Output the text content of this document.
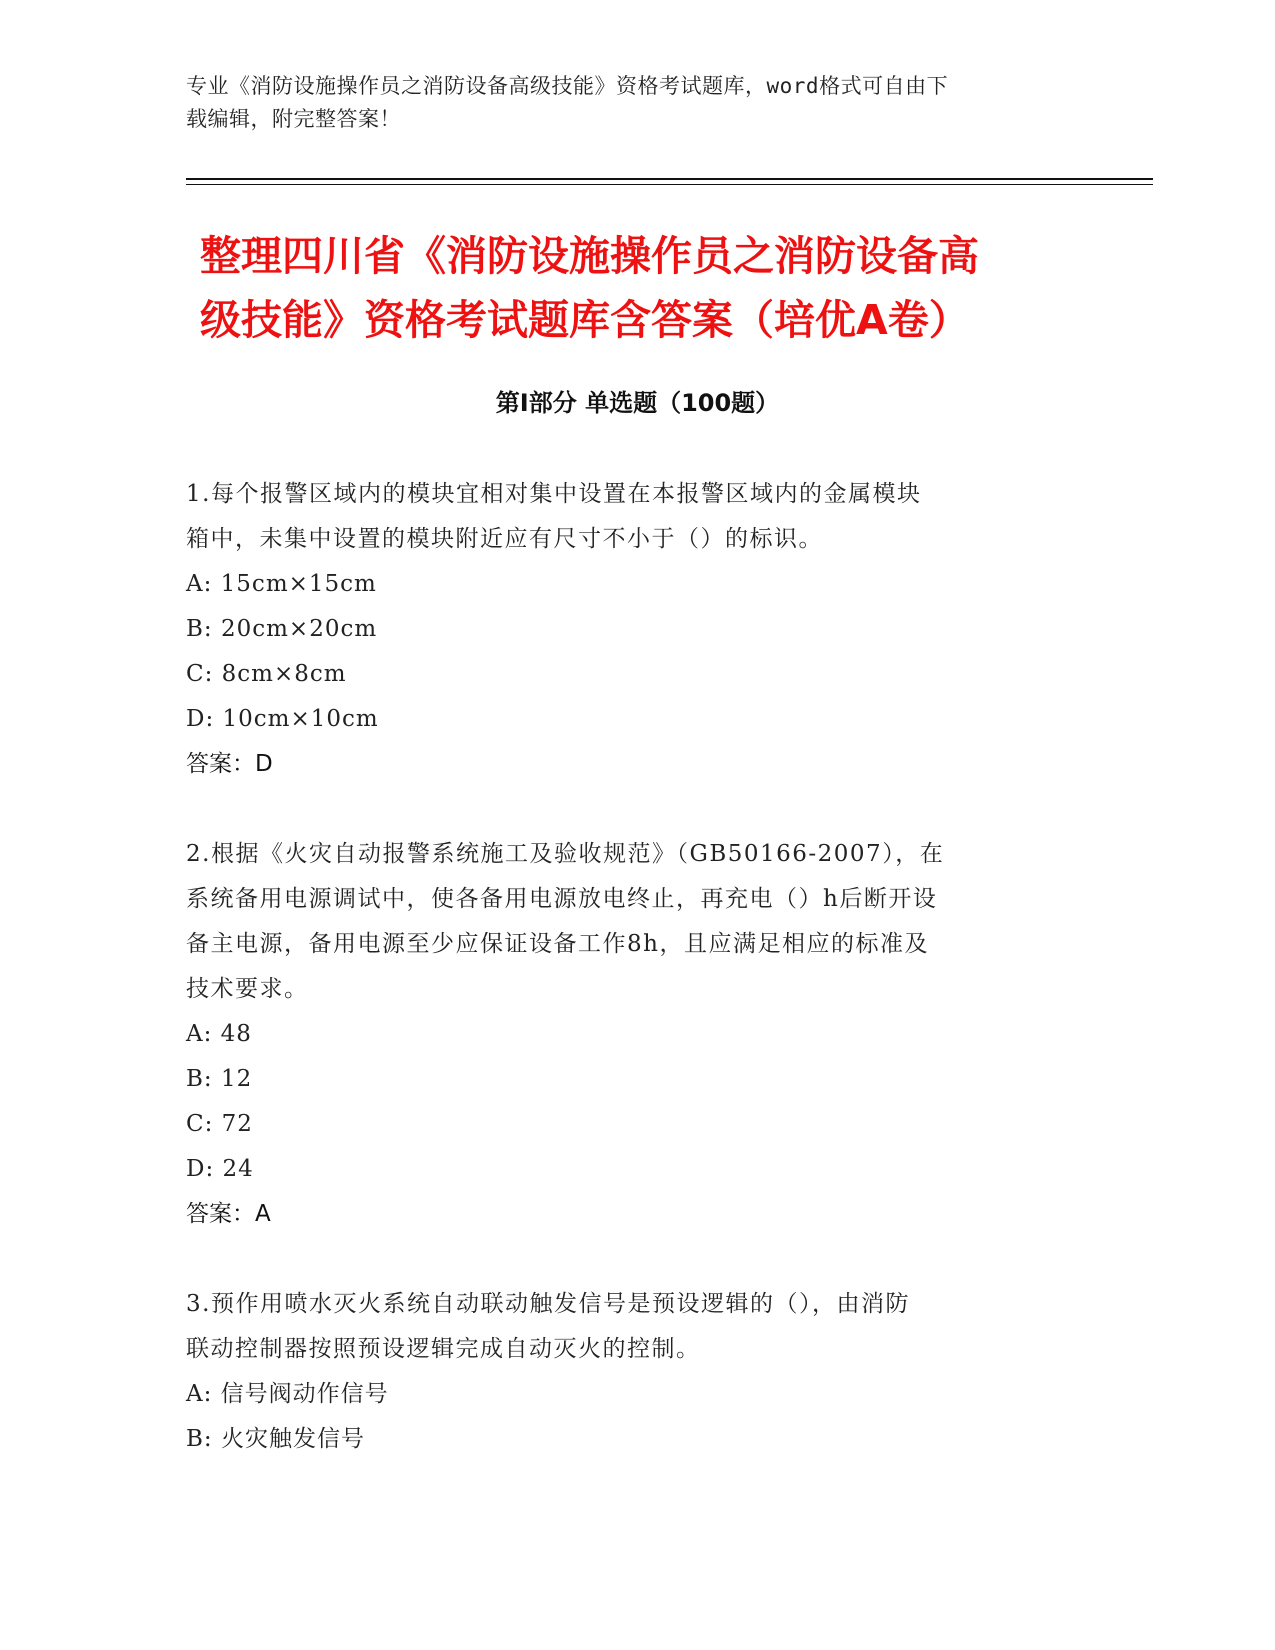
专业《消防设施操作员之消防设备高级技能》资格考试题库，word格式可自由下
载编辑，附完整答案！
整理四川省《消防设施操作员之消防设备高
级技能》资格考试题库含答案（培优A卷）
第Ⅰ部分 单选题（100题）
1.每个报警区域内的模块宜相对集中设置在本报警区域内的金属模块
箱中，未集中设置的模块附近应有尺寸不小于（）的标识。
A: 15cm×15cm
B: 20cm×20cm
C: 8cm×8cm
D: 10cm×10cm
答案：D
2.根据《火灾自动报警系统施工及验收规范》（GB50166-2007），在
系统备用电源调试中，使各备用电源放电终止，再充电（）h后断开设
备主电源，备用电源至少应保证设备工作8h，且应满足相应的标准及
技术要求。
A: 48
B: 12
C: 72
D: 24
答案：A
3.预作用喷水灭火系统自动联动触发信号是预设逻辑的（），由消防
联动控制器按照预设逻辑完成自动灭火的控制。
A: 信号阀动作信号
B: 火灾触发信号
